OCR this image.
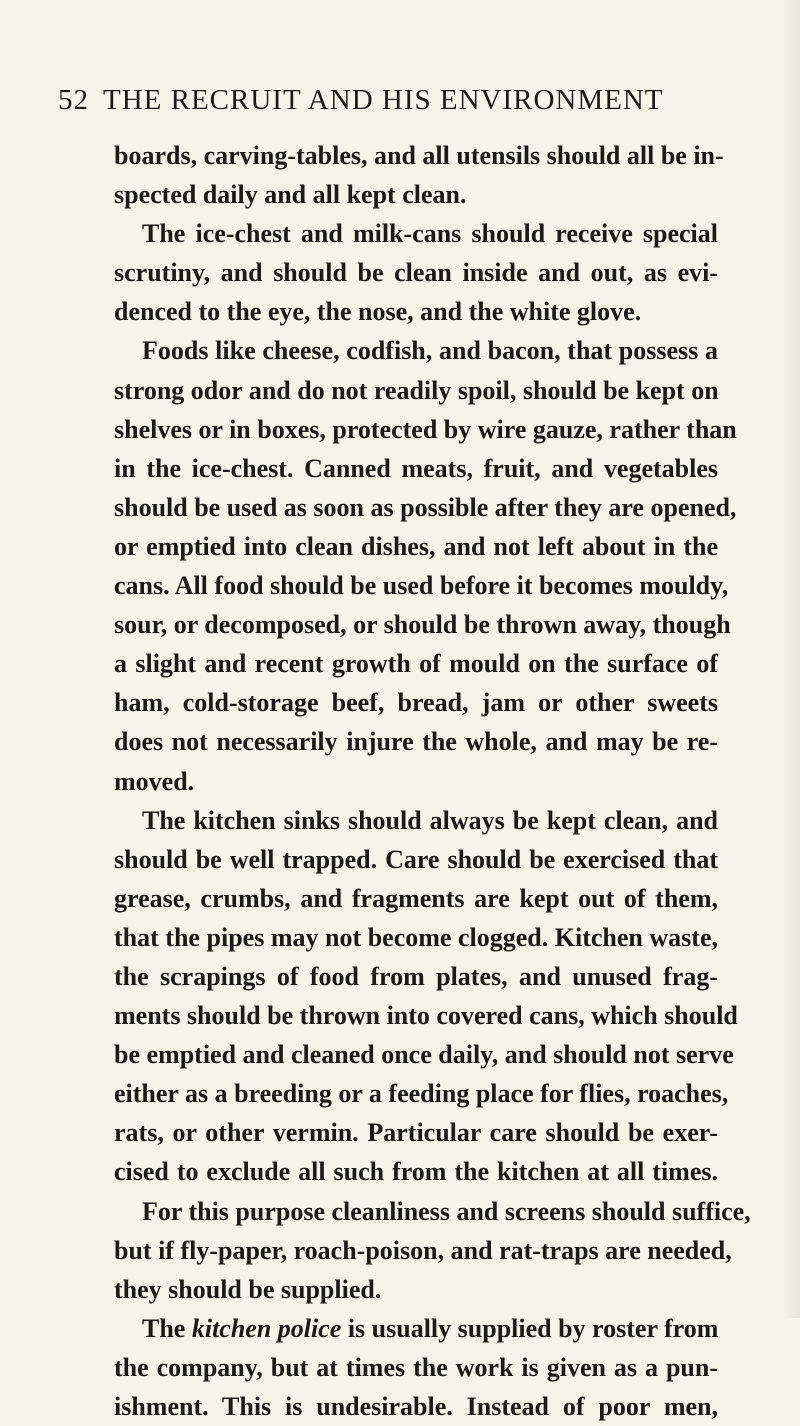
52 THE RECRUIT AND HIS ENVIRONMENT
boards, carving-tables, and all utensils should all be in-
spected daily and all kept clean.
The ice-chest and milk-cans should receive special
scrutiny, and should be clean inside and out, as evi-
denced to the eye, the nose, and the white glove.
Foods like cheese, codfish, and bacon, that possess a
strong odor and do not readily spoil, should be kept on
shelves or in boxes, protected by wire gauze, rather than
in the ice-chest. Canned meats, fruit, and vegetables
should be used as soon as possible after they are opened,
or emptied into clean dishes, and not left about in the
cans. All food should be used before it becomes mouldy,
sour, or decomposed, or should be thrown away, though
a slight and recent growth of mould on the surface of
ham, cold-storage beef, bread, jam or other sweets
does not necessarily injure the whole, and may be re-
moved.
The kitchen sinks should always be kept clean, and
should be well trapped. Care should be exercised that
grease, crumbs, and fragments are kept out of them,
that the pipes may not become clogged. Kitchen waste,
the scrapings of food from plates, and unused frag-
ments should be thrown into covered cans, which should
be emptied and cleaned once daily, and should not serve
either as a breeding or a feeding place for flies, roaches,
rats, or other vermin. Particular care should be exer-
cised to exclude all such from the kitchen at all times.
For this purpose cleanliness and screens should suffice,
but if fly-paper, roach-poison, and rat-traps are needed,
they should be supplied.
The kitchen police is usually supplied by roster from
the company, but at times the work is given as a pun-
ishment. This is undesirable. Instead of poor men,
